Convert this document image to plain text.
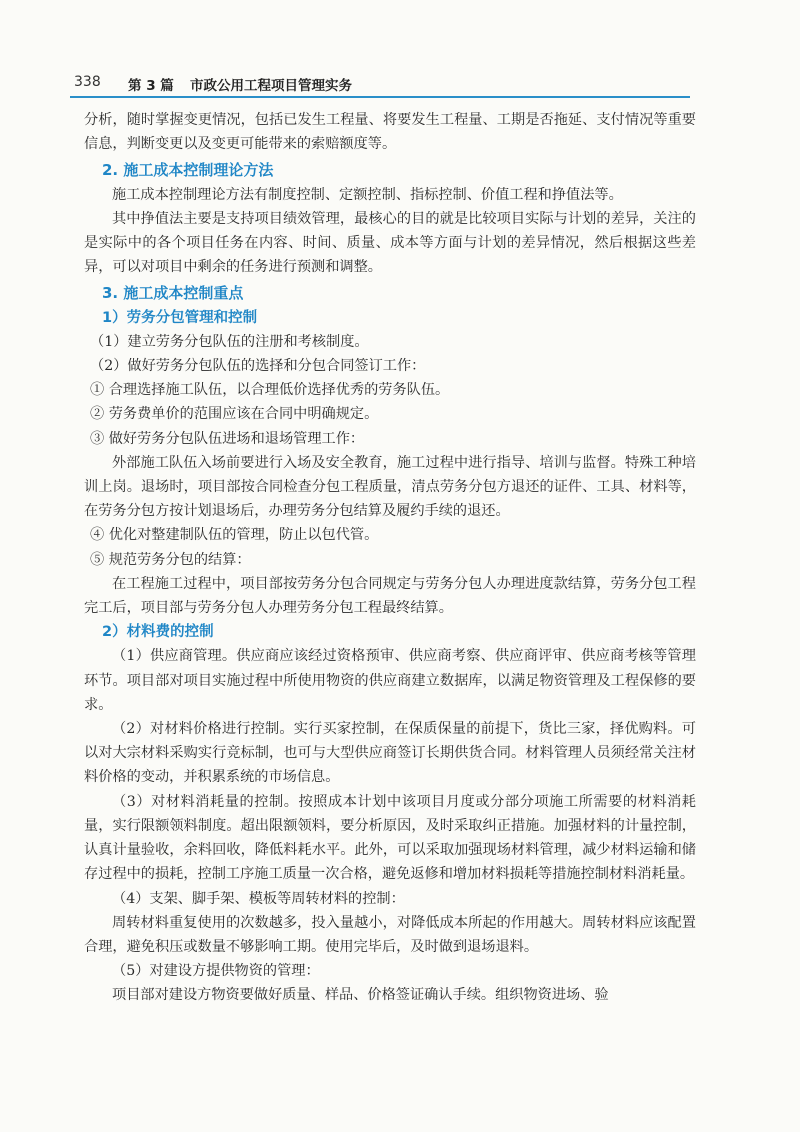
338 第 3 篇 市政公用工程项目管理实务

分析，随时掌握变更情况，包括已发生工程量、将要发生工程量、工期是否拖延、支付情况等重要信息，判断变更以及变更可能带来的索赔额度等。

2. 施工成本控制理论方法

施工成本控制理论方法有制度控制、定额控制、指标控制、价值工程和挣值法等。

其中挣值法主要是支持项目绩效管理，最核心的目的就是比较项目实际与计划的差异，关注的是实际中的各个项目任务在内容、时间、质量、成本等方面与计划的差异情况，然后根据这些差异，可以对项目中剩余的任务进行预测和调整。

3. 施工成本控制重点
1）劳务分包管理和控制

（1）建立劳务分包队伍的注册和考核制度。

（2）做好劳务分包队伍的选择和分包合同签订工作：

① 合理选择施工队伍，以合理低价选择优秀的劳务队伍。

② 劳务费单价的范围应该在合同中明确规定。

③ 做好劳务分包队伍进场和退场管理工作：

外部施工队伍入场前要进行入场及安全教育，施工过程中进行指导、培训与监督。特殊工种培训上岗。退场时，项目部按合同检查分包工程质量，清点劳务分包方退还的证件、工具、材料等，在劳务分包方按计划退场后，办理劳务分包结算及履约手续的退还。

④ 优化对整建制队伍的管理，防止以包代管。

⑤ 规范劳务分包的结算：

在工程施工过程中，项目部按劳务分包合同规定与劳务分包人办理进度款结算，劳务分包工程完工后，项目部与劳务分包人办理劳务分包工程最终结算。

2）材料费的控制

（1）供应商管理。供应商应该经过资格预审、供应商考察、供应商评审、供应商考核等管理环节。项目部对项目实施过程中所使用物资的供应商建立数据库，以满足物资管理及工程保修的要求。

（2）对材料价格进行控制。实行买家控制，在保质保量的前提下，货比三家，择优购料。可以对大宗材料采购实行竞标制，也可与大型供应商签订长期供货合同。材料管理人员须经常关注材料价格的变动，并积累系统的市场信息。

（3）对材料消耗量的控制。按照成本计划中该项目月度或分部分项施工所需要的材料消耗量，实行限额领料制度。超出限额领料，要分析原因，及时采取纠正措施。加强材料的计量控制，认真计量验收，余料回收，降低料耗水平。此外，可以采取加强现场材料管理，减少材料运输和储存过程中的损耗，控制工序施工质量一次合格，避免返修和增加材料损耗等措施控制材料消耗量。

（4）支架、脚手架、模板等周转材料的控制：

周转材料重复使用的次数越多，投入量越小，对降低成本所起的作用越大。周转材料应该配置合理，避免积压或数量不够影响工期。使用完毕后，及时做到退场退料。

（5）对建设方提供物资的管理：

项目部对建设方物资要做好质量、样品、价格签证确认手续。组织物资进场、验
